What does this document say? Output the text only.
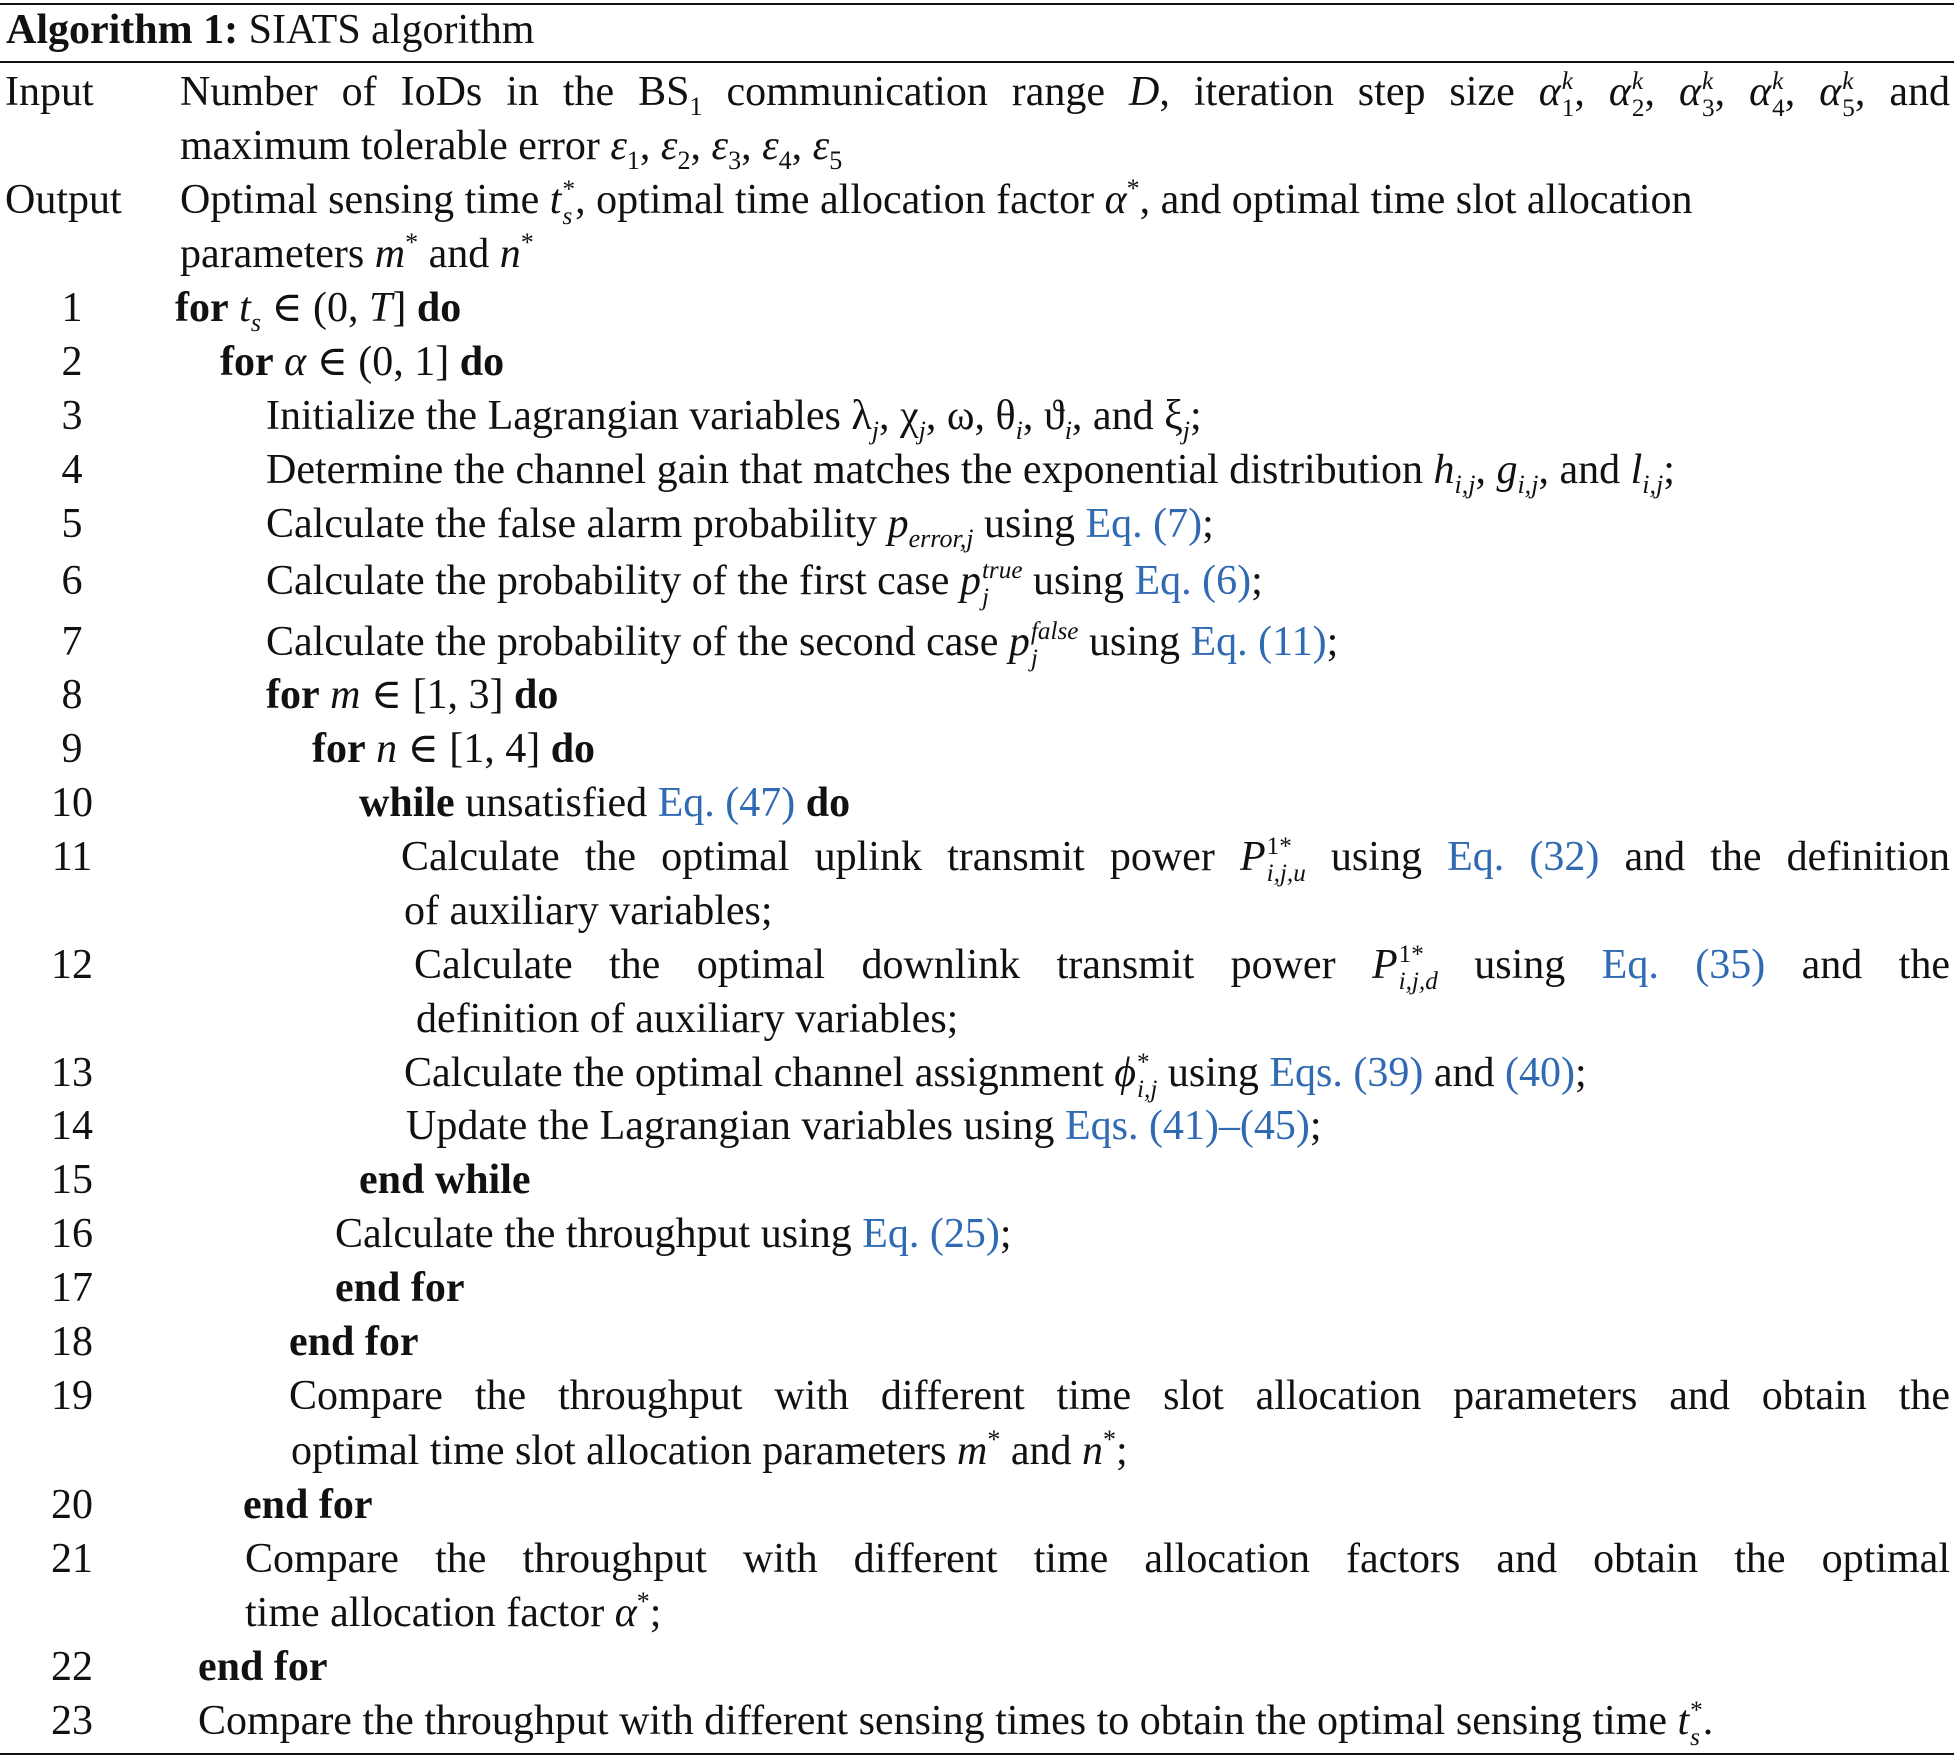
Algorithm 1: SIATS algorithm
Input Number of IoDs in the $BS_1$ communication range D, iteration step size α k
1 , α k
2 , α k
3 , α k
4 , α k
5 , and
maximum tolerable error $\varepsilon_1$, $\varepsilon_2$, $\varepsilon_3$, $\varepsilon_4$, $\varepsilon_5$
Output Optimal sensing time t *
s , optimal time allocation factor α*, and optimal time slot allocation
parameters m* and n*
1	for $t_s$ ∈ (0, T] do
2	for α ∈ (0, 1] do
3	Initialize the Lagrangian variables $\lambda_j$, $\chi_j$, ω, $\theta_i$, $ϑ_i$, and $\xi_j$;
4	Determine the channel gain that matches the exponential distribution $h_{i,j}$, $g_{i,j}$, and $l_{i,j}$;
5	Calculate the false alarm probability $p_{error,j}$ using Eq. (7);
6	Calculate the probability of the first case p true
j using Eq. (6);
7	Calculate the probability of the second case p false
j using Eq. (11);
8	for m ∈ [1, 3] do
9	for n ∈ [1, 4] do
10	while unsatisfied Eq. (47) do
11	Calculate the optimal uplink transmit power P 1*
i,j,u using Eq. (32) and the definition
of auxiliary variables;
12	Calculate the optimal downlink transmit power P 1*
i,j,d using Eq. (35) and the
definition of auxiliary variables;
13	Calculate the optimal channel assignment ϕ *
i,j using Eqs. (39) and (40);
14	Update the Lagrangian variables using Eqs. (41)–(45);
15	end while
16	Calculate the throughput using Eq. (25);
17	end for
18	end for
19	Compare the throughput with different time slot allocation parameters and obtain the
optimal time slot allocation parameters m* and n*;
20	end for
21	Compare the throughput with different time allocation factors and obtain the optimal
time allocation factor α*;
22	end for
23	Compare the throughput with different sensing times to obtain the optimal sensing time t *
s .
